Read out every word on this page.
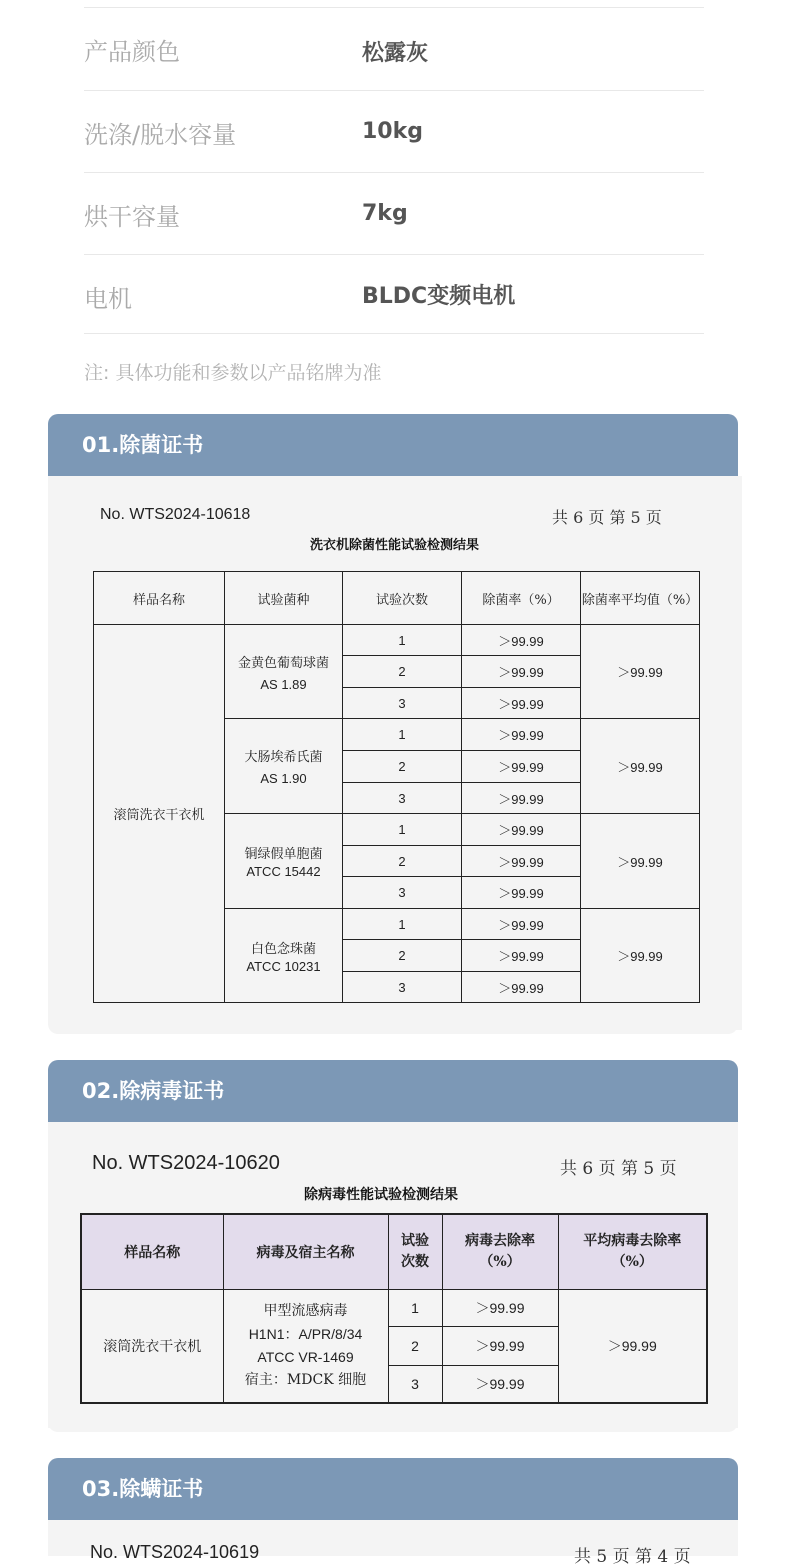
产品颜色	松露灰
洗涤/脱水容量	10kg
烘干容量	7kg
电机	BLDC变频电机
注: 具体功能和参数以产品铭牌为准
01.除菌证书
No. WTS2024-10618	共 6 页 第 5 页
洗衣机除菌性能试验检测结果
样品名称	试验菌种	试验次数	除菌率（%）	除菌率平均值（%）
滚筒洗衣干衣机	金黄色葡萄球菌
AS 1.89	1	＞99.99	＞99.99
		2	＞99.99	
		3	＞99.99	

	大肠埃希氏菌
AS 1.90	1	＞99.99	＞99.99
		2	＞99.99	
		3	＞99.99	

	铜绿假单胞菌
ATCC 15442	1	＞99.99	＞99.99
		2	＞99.99	
		3	＞99.99	

	白色念珠菌
ATCC 10231	1	＞99.99	＞99.99
		2	＞99.99	
		3	＞99.99	
02.除病毒证书
No. WTS2024-10620	共 6 页 第 5 页
除病毒性能试验检测结果
样品名称	病毒及宿主名称	试验次数	病毒去除率（%）	平均病毒去除率（%）
滚筒洗衣干衣机	甲型流感病毒
H1N1：A/PR/8/34
ATCC VR-1469
宿主：MDCK 细胞	1	＞99.99	＞99.99
		2	＞99.99	
		3	＞99.99	
03.除螨证书
No. WTS2024-10619	共 5 页 第 4 页
